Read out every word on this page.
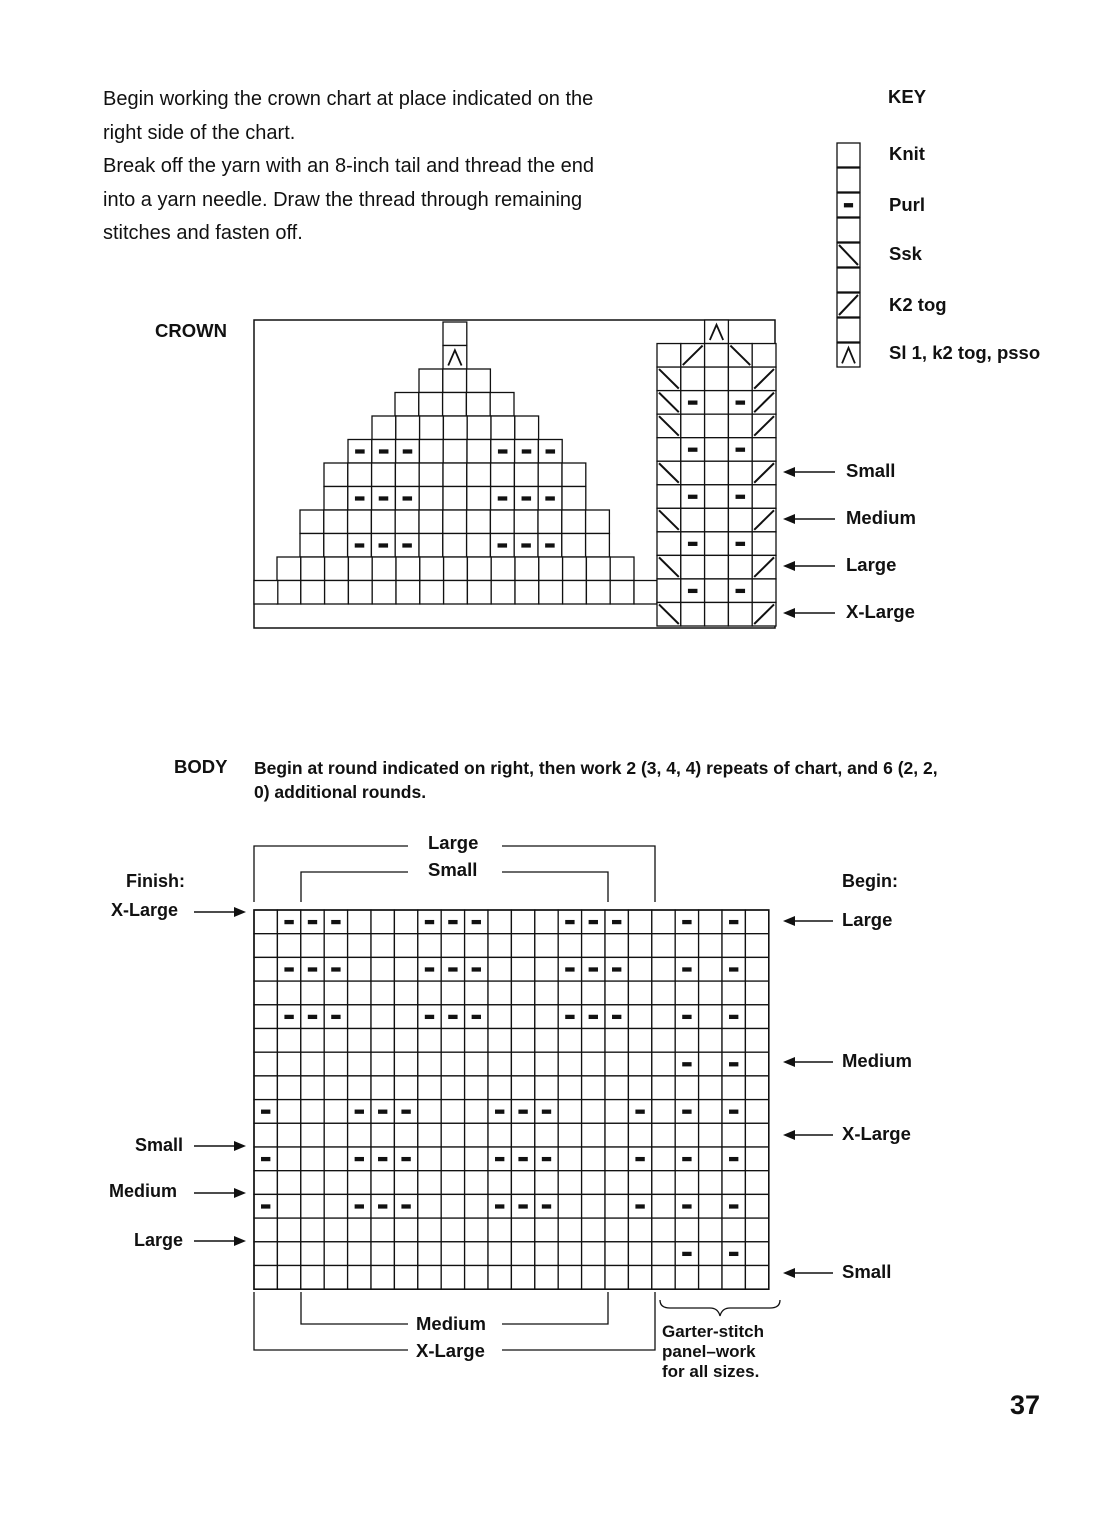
Begin working the crown chart at place indicated on the

right side of the chart.

Break off the yarn with an 8-inch tail and thread the end

into a yarn needle. Draw the thread through remaining

stitches and fasten off.

KEY
Knit
Purl
Ssk
K2 tog
Sl 1, k2 tog, psso
CROWN
Small
Medium
Large
X-Large
BODY Begin at round indicated on right, then work 2 (3, 4, 4) repeats of chart, and 6 (2, 2, 0) additional rounds.
Large
Small
Medium
X-Large
Finish:
X-Large
Small
Medium
Large
Begin:
Large
Medium
X-Large
Small
Garter-stitch
panel–work
for all sizes.
37
